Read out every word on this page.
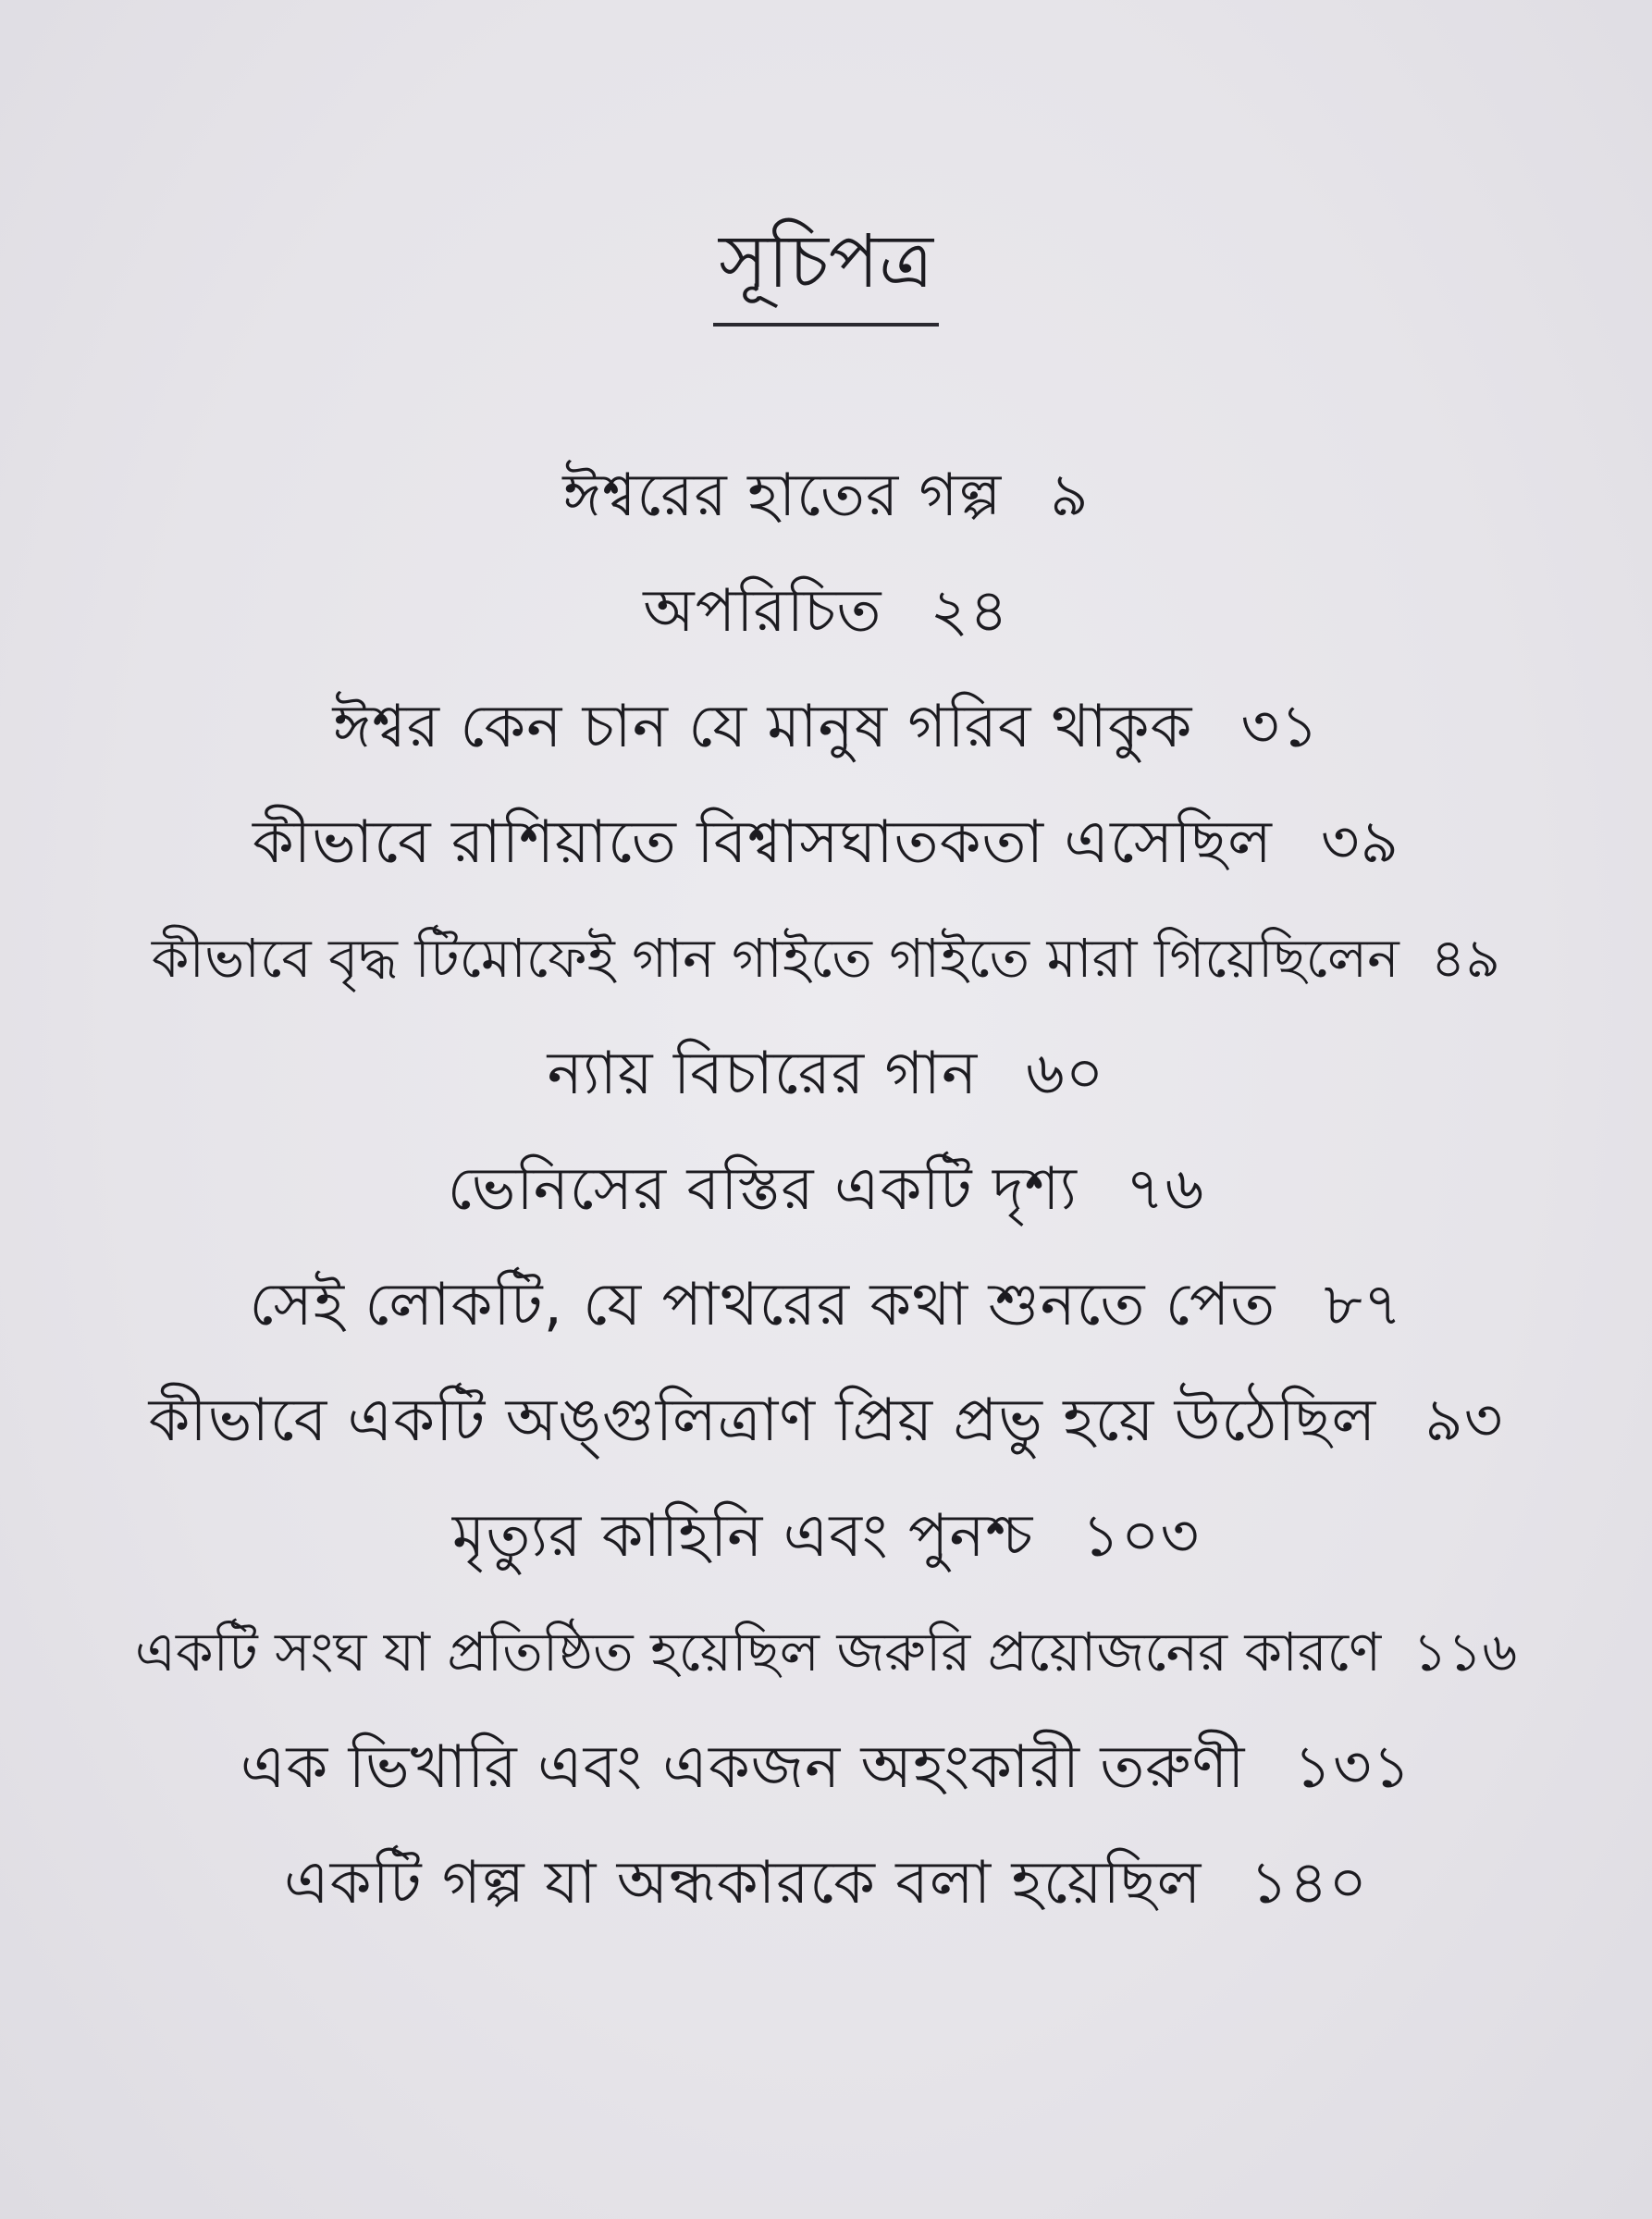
সূচিপত্র
ঈশ্বরের হাতের গল্প ৯
অপরিচিত ২৪
ঈশ্বর কেন চান যে মানুষ গরিব থাকুক ৩১
কীভাবে রাশিয়াতে বিশ্বাসঘাতকতা এসেছিল ৩৯
কীভাবে বৃদ্ধ টিমোফেই গান গাইতে গাইতে মারা গিয়েছিলেন ৪৯
ন্যায় বিচারের গান ৬০
ভেনিসের বস্তির একটি দৃশ্য ৭৬
সেই লোকটি, যে পাথরের কথা শুনতে পেত ৮৭
কীভাবে একটি অঙ্গুলিত্রাণ প্রিয় প্রভু হয়ে উঠেছিল ৯৩
মৃত্যুর কাহিনি এবং পুনশ্চ ১০৩
একটি সংঘ যা প্রতিষ্ঠিত হয়েছিল জরুরি প্রয়োজনের কারণে ১১৬
এক ভিখারি এবং একজন অহংকারী তরুণী ১৩১
একটি গল্প যা অন্ধকারকে বলা হয়েছিল ১৪০
